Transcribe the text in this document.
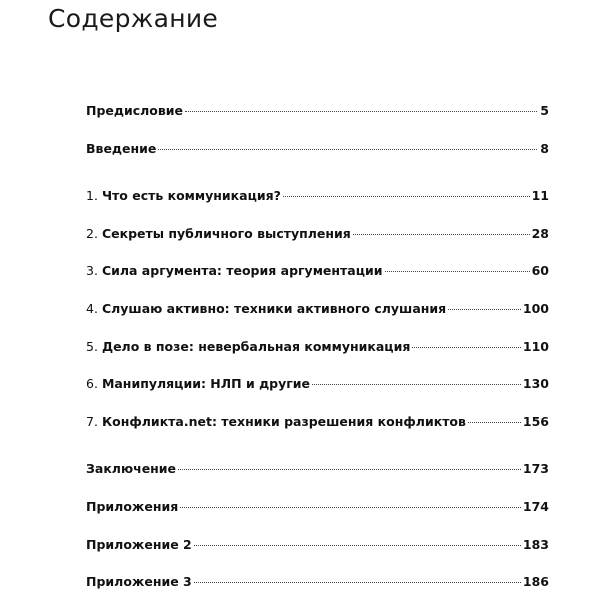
Содержание
Предисловие	5
Введение	8
1. Что есть коммуникация?	11
2. Секреты публичного выступления	28
3. Сила аргумента: теория аргументации	60
4. Слушаю активно: техники активного слушания	100
5. Дело в позе: невербальная коммуникация	110
6. Манипуляции: НЛП и другие	130
7. Конфликта.net: техники разрешения конфликтов	156
Заключение	173
Приложения	174
Приложение 2	183
Приложение 3	186
